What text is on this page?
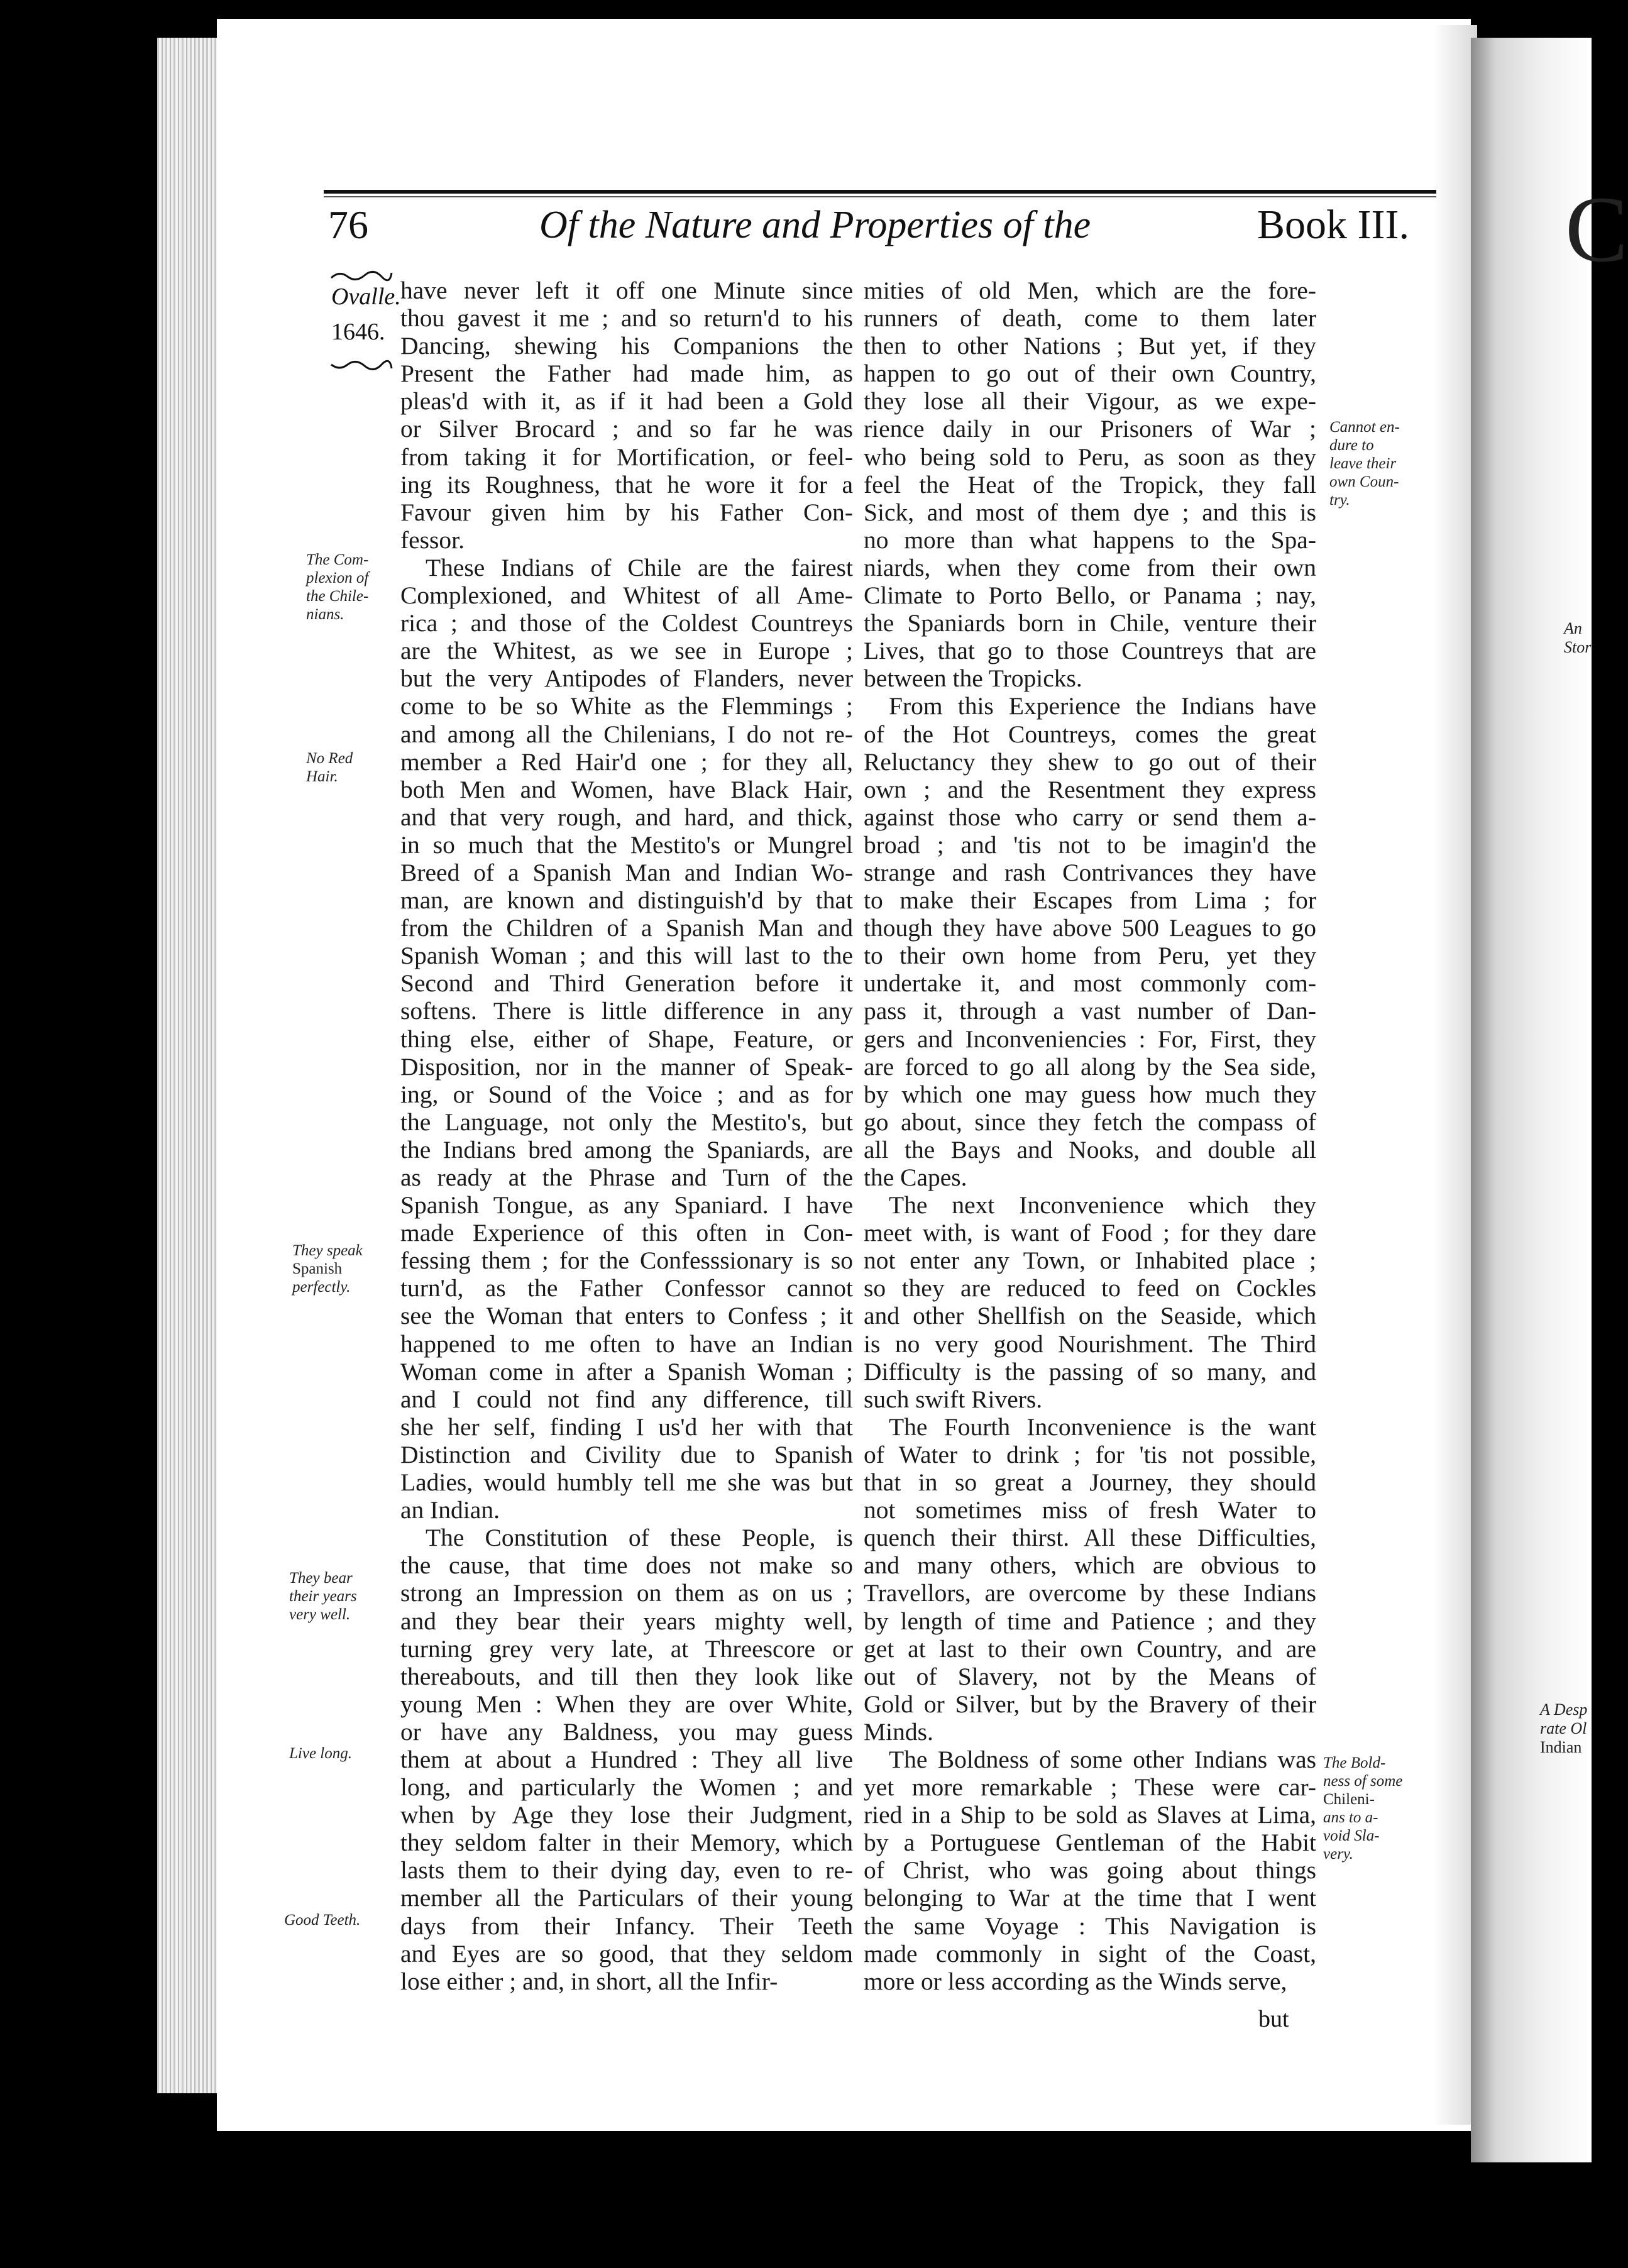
C
An
Stor
A Desp
rate Ol
Indian
76	Of the Nature and Properties of the	Book III.
Ovalle.
1646.
The Com-
plexion of
the Chile-
nians.
No Red
Hair.
They speak
Spanish
perfectly.
They bear
their years
very well.
Live long.
Good Teeth.
Cannot en-
dure to
leave their
own Coun-
try.
The Bold-
ness of some
Chileni-
ans to a-
void Sla-
very.
have never left it off one Minute since
thou gavest it me ; and so return'd to his
Dancing, shewing his Companions the
Present the Father had made him, as
pleas'd with it, as if it had been a Gold
or Silver Brocard ; and so far he was
from taking it for Mortification, or feel-
ing its Roughness, that he wore it for a
Favour given him by his Father Con-
fessor.
These Indians of Chile are the fairest
Complexioned, and Whitest of all Ame-
rica ; and those of the Coldest Countreys
are the Whitest, as we see in Europe ;
but the very Antipodes of Flanders, never
come to be so White as the Flemmings ;
and among all the Chilenians, I do not re-
member a Red Hair'd one ; for they all,
both Men and Women, have Black Hair,
and that very rough, and hard, and thick,
in so much that the Mestito's or Mungrel
Breed of a Spanish Man and Indian Wo-
man, are known and distinguish'd by that
from the Children of a Spanish Man and
Spanish Woman ; and this will last to the
Second and Third Generation before it
softens. There is little difference in any
thing else, either of Shape, Feature, or
Disposition, nor in the manner of Speak-
ing, or Sound of the Voice ; and as for
the Language, not only the Mestito's, but
the Indians bred among the Spaniards, are
as ready at the Phrase and Turn of the
Spanish Tongue, as any Spaniard. I have
made Experience of this often in Con-
fessing them ; for the Confesssionary is so
turn'd, as the Father Confessor cannot
see the Woman that enters to Confess ; it
happened to me often to have an Indian
Woman come in after a Spanish Woman ;
and I could not find any difference, till
she her self, finding I us'd her with that
Distinction and Civility due to Spanish
Ladies, would humbly tell me she was but
an Indian.
The Constitution of these People, is
the cause, that time does not make so
strong an Impression on them as on us ;
and they bear their years mighty well,
turning grey very late, at Threescore or
thereabouts, and till then they look like
young Men : When they are over White,
or have any Baldness, you may guess
them at about a Hundred : They all live
long, and particularly the Women ; and
when by Age they lose their Judgment,
they seldom falter in their Memory, which
lasts them to their dying day, even to re-
member all the Particulars of their young
days from their Infancy. Their Teeth
and Eyes are so good, that they seldom
lose either ; and, in short, all the Infir-
mities of old Men, which are the fore-
runners of death, come to them later
then to other Nations ; But yet, if they
happen to go out of their own Country,
they lose all their Vigour, as we expe-
rience daily in our Prisoners of War ;
who being sold to Peru, as soon as they
feel the Heat of the Tropick, they fall
Sick, and most of them dye ; and this is
no more than what happens to the Spa-
niards, when they come from their own
Climate to Porto Bello, or Panama ; nay,
the Spaniards born in Chile, venture their
Lives, that go to those Countreys that are
between the Tropicks.
From this Experience the Indians have
of the Hot Countreys, comes the great
Reluctancy they shew to go out of their
own ; and the Resentment they express
against those who carry or send them a-
broad ; and 'tis not to be imagin'd the
strange and rash Contrivances they have
to make their Escapes from Lima ; for
though they have above 500 Leagues to go
to their own home from Peru, yet they
undertake it, and most commonly com-
pass it, through a vast number of Dan-
gers and Inconveniencies : For, First, they
are forced to go all along by the Sea side,
by which one may guess how much they
go about, since they fetch the compass of
all the Bays and Nooks, and double all
the Capes.
The next Inconvenience which they
meet with, is want of Food ; for they dare
not enter any Town, or Inhabited place ;
so they are reduced to feed on Cockles
and other Shellfish on the Seaside, which
is no very good Nourishment. The Third
Difficulty is the passing of so many, and
such swift Rivers.
The Fourth Inconvenience is the want
of Water to drink ; for 'tis not possible,
that in so great a Journey, they should
not sometimes miss of fresh Water to
quench their thirst. All these Difficulties,
and many others, which are obvious to
Travellors, are overcome by these Indians
by length of time and Patience ; and they
get at last to their own Country, and are
out of Slavery, not by the Means of
Gold or Silver, but by the Bravery of their
Minds.
The Boldness of some other Indians was
yet more remarkable ; These were car-
ried in a Ship to be sold as Slaves at Lima,
by a Portuguese Gentleman of the Habit
of Christ, who was going about things
belonging to War at the time that I went
the same Voyage : This Navigation is
made commonly in sight of the Coast,
more or less according as the Winds serve,
but
